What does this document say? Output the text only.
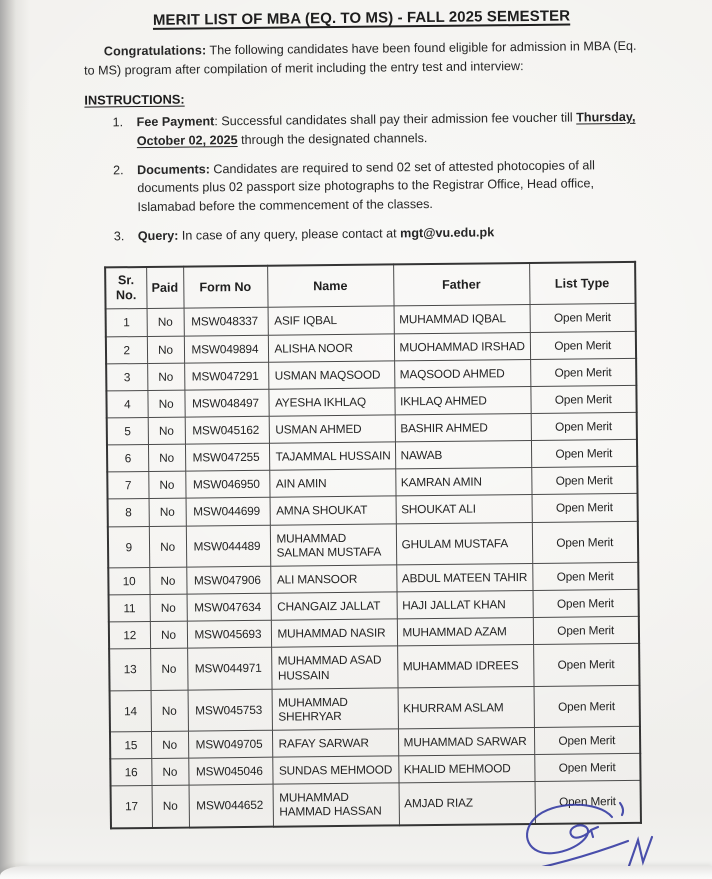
MERIT LIST OF MBA (EQ. TO MS) - FALL 2025 SEMESTER

Congratulations: The following candidates have been found eligible for admission in MBA (Eq. to MS) program after compilation of merit including the entry test and interview:

INSTRUCTIONS:
1.	Fee Payment: Successful candidates shall pay their admission fee voucher till Thursday, October 02, 2025 through the designated channels.
2.	Documents: Candidates are required to send 02 set of attested photocopies of all documents plus 02 passport size photographs to the Registrar Office, Head office, Islamabad before the commencement of the classes.
3.	Query: In case of any query, please contact at mgt@vu.edu.pk
Sr.
No.	Paid	Form No	Name	Father	List Type
1	No	MSW048337	ASIF IQBAL	MUHAMMAD IQBAL	Open Merit
2	No	MSW049894	ALISHA NOOR	MUOHAMMAD IRSHAD	Open Merit
3	No	MSW047291	USMAN MAQSOOD	MAQSOOD AHMED	Open Merit
4	No	MSW048497	AYESHA IKHLAQ	IKHLAQ AHMED	Open Merit
5	No	MSW045162	USMAN AHMED	BASHIR AHMED	Open Merit
6	No	MSW047255	TAJAMMAL HUSSAIN	NAWAB	Open Merit
7	No	MSW046950	AIN AMIN	KAMRAN AMIN	Open Merit
8	No	MSW044699	AMNA SHOUKAT	SHOUKAT ALI	Open Merit
9	No	MSW044489	MUHAMMAD
SALMAN MUSTAFA	GHULAM MUSTAFA	Open Merit
10	No	MSW047906	ALI MANSOOR	ABDUL MATEEN TAHIR	Open Merit
11	No	MSW047634	CHANGAIZ JALLAT	HAJI JALLAT KHAN	Open Merit
12	No	MSW045693	MUHAMMAD NASIR	MUHAMMAD AZAM	Open Merit
13	No	MSW044971	MUHAMMAD ASAD
HUSSAIN	MUHAMMAD IDREES	Open Merit
14	No	MSW045753	MUHAMMAD
SHEHRYAR	KHURRAM ASLAM	Open Merit
15	No	MSW049705	RAFAY SARWAR	MUHAMMAD SARWAR	Open Merit
16	No	MSW045046	SUNDAS MEHMOOD	KHALID MEHMOOD	Open Merit
17	No	MSW044652	MUHAMMAD
HAMMAD HASSAN	AMJAD RIAZ	Open Merit
